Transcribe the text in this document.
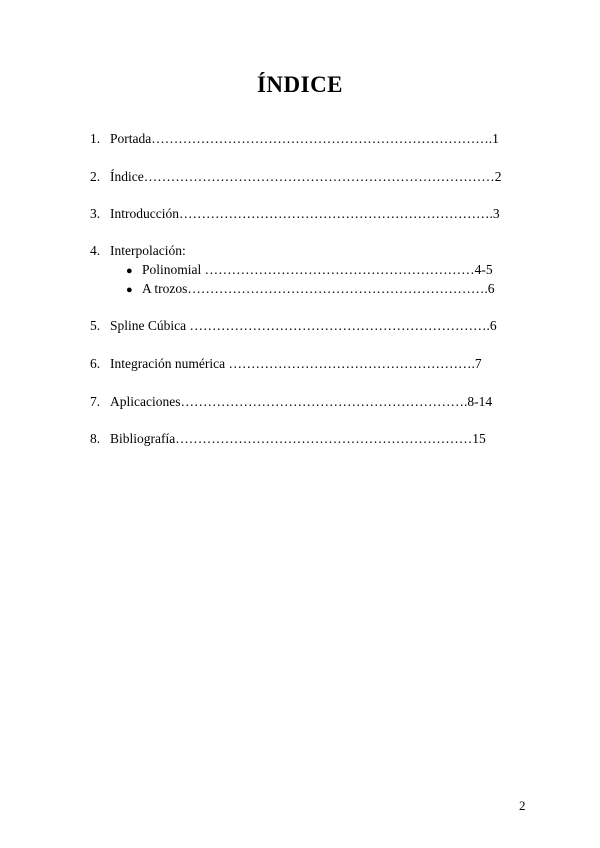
ÍNDICE
1. Portada………………………………………………………………….1
2. Índice……………………………………………………………………2
3. Introducción…………………………………………………………….3
4. Interpolación:
● Polinomial ……………………………………………………4-5
● A trozos………………………………………………………….6
5. Spline Cúbica ………………………………………………………….6
6. Integración numérica ……………………………………………….7
7. Aplicaciones……………………………………………………….8-14
8. Bibliografía…………………………………………………………15
2
